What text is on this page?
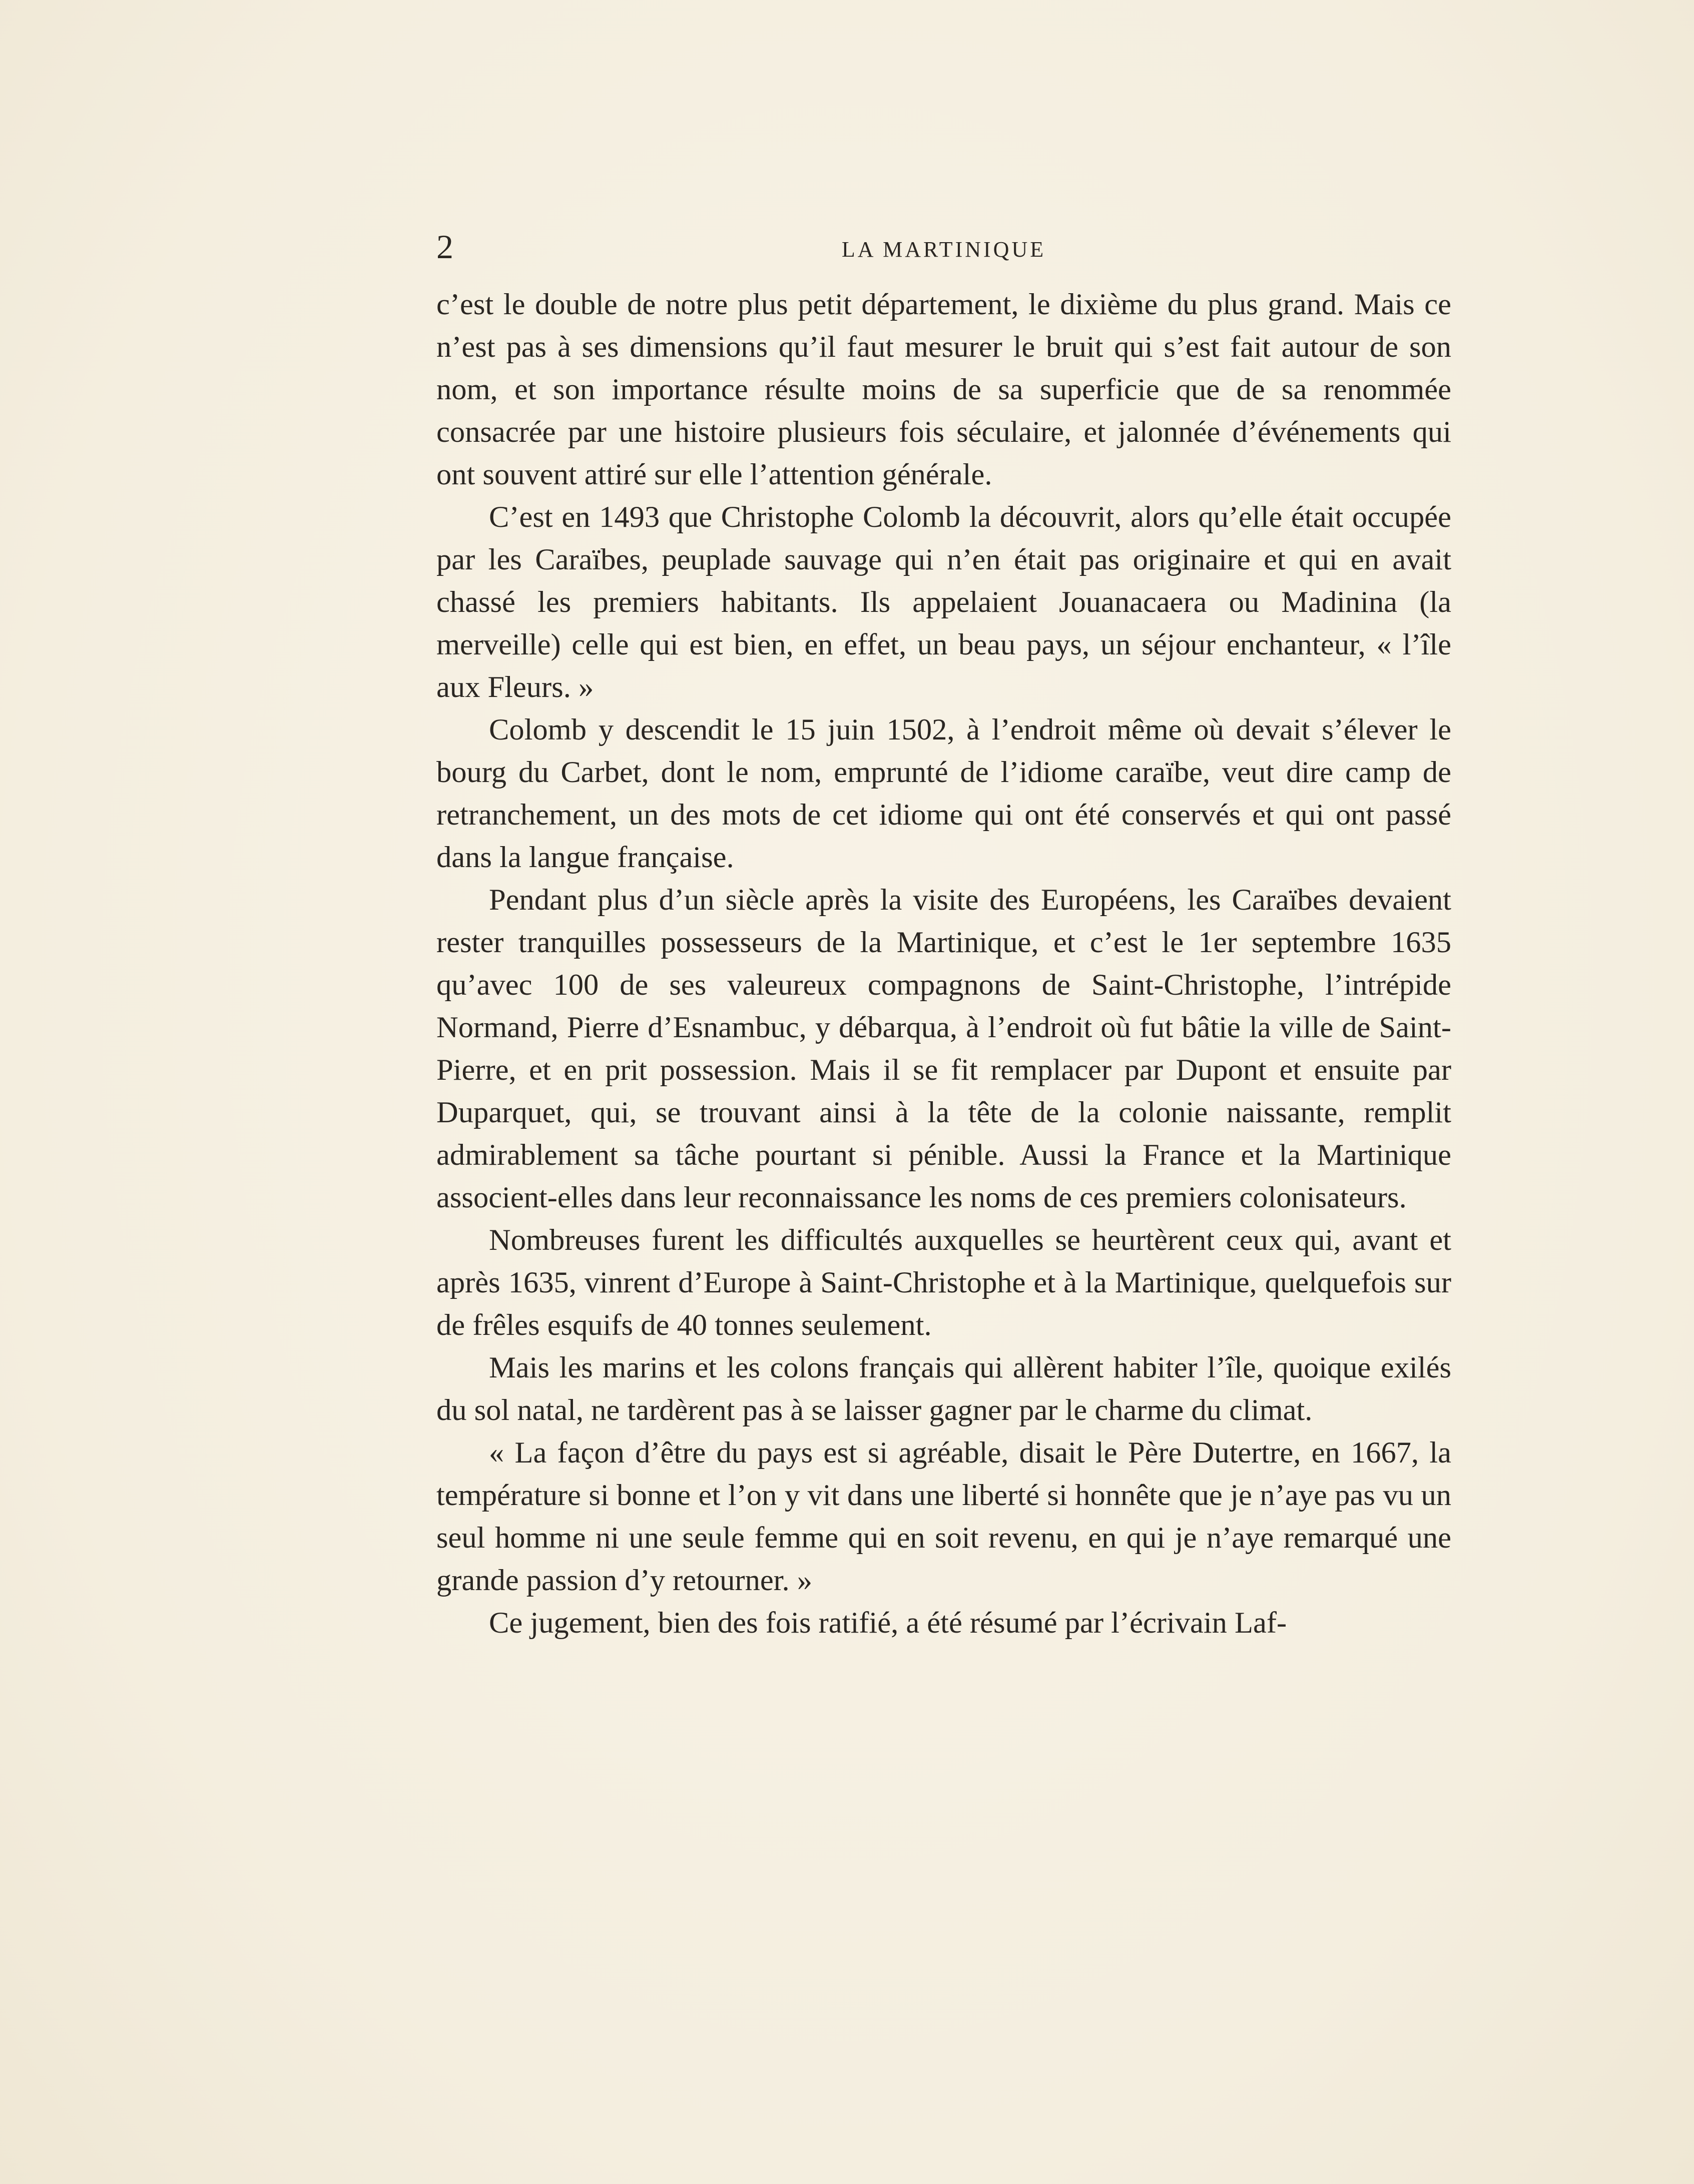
2	LA MARTINIQUE

c’est le double de notre plus petit département, le dixième du plus grand. Mais ce n’est pas à ses dimensions qu’il faut mesurer le bruit qui s’est fait autour de son nom, et son importance résulte moins de sa superficie que de sa renommée consacrée par une histoire plusieurs fois séculaire, et jalonnée d’événements qui ont souvent attiré sur elle l’attention générale.

C’est en 1493 que Christophe Colomb la découvrit, alors qu’elle était occupée par les Caraïbes, peuplade sauvage qui n’en était pas originaire et qui en avait chassé les premiers habitants. Ils appelaient Jouanacaera ou Madinina (la merveille) celle qui est bien, en effet, un beau pays, un séjour enchanteur, « l’île aux Fleurs. »

Colomb y descendit le 15 juin 1502, à l’endroit même où devait s’élever le bourg du Carbet, dont le nom, emprunté de l’idiome caraïbe, veut dire camp de retranchement, un des mots de cet idiome qui ont été conservés et qui ont passé dans la langue française.

Pendant plus d’un siècle après la visite des Européens, les Caraïbes devaient rester tranquilles possesseurs de la Martinique, et c’est le 1er septembre 1635 qu’avec 100 de ses valeureux compagnons de Saint-Christophe, l’intrépide Normand, Pierre d’Esnambuc, y débarqua, à l’endroit où fut bâtie la ville de Saint-Pierre, et en prit possession. Mais il se fit remplacer par Dupont et ensuite par Duparquet, qui, se trouvant ainsi à la tête de la colonie naissante, remplit admirablement sa tâche pourtant si pénible. Aussi la France et la Martinique associent-elles dans leur reconnaissance les noms de ces premiers colonisateurs.

Nombreuses furent les difficultés auxquelles se heurtèrent ceux qui, avant et après 1635, vinrent d’Europe à Saint-Christophe et à la Martinique, quelquefois sur de frêles esquifs de 40 tonnes seulement.

Mais les marins et les colons français qui allèrent habiter l’île, quoique exilés du sol natal, ne tardèrent pas à se laisser gagner par le charme du climat.

« La façon d’être du pays est si agréable, disait le Père Dutertre, en 1667, la température si bonne et l’on y vit dans une liberté si honnête que je n’aye pas vu un seul homme ni une seule femme qui en soit revenu, en qui je n’aye remarqué une grande passion d’y retourner. »

Ce jugement, bien des fois ratifié, a été résumé par l’écrivain Laf-
